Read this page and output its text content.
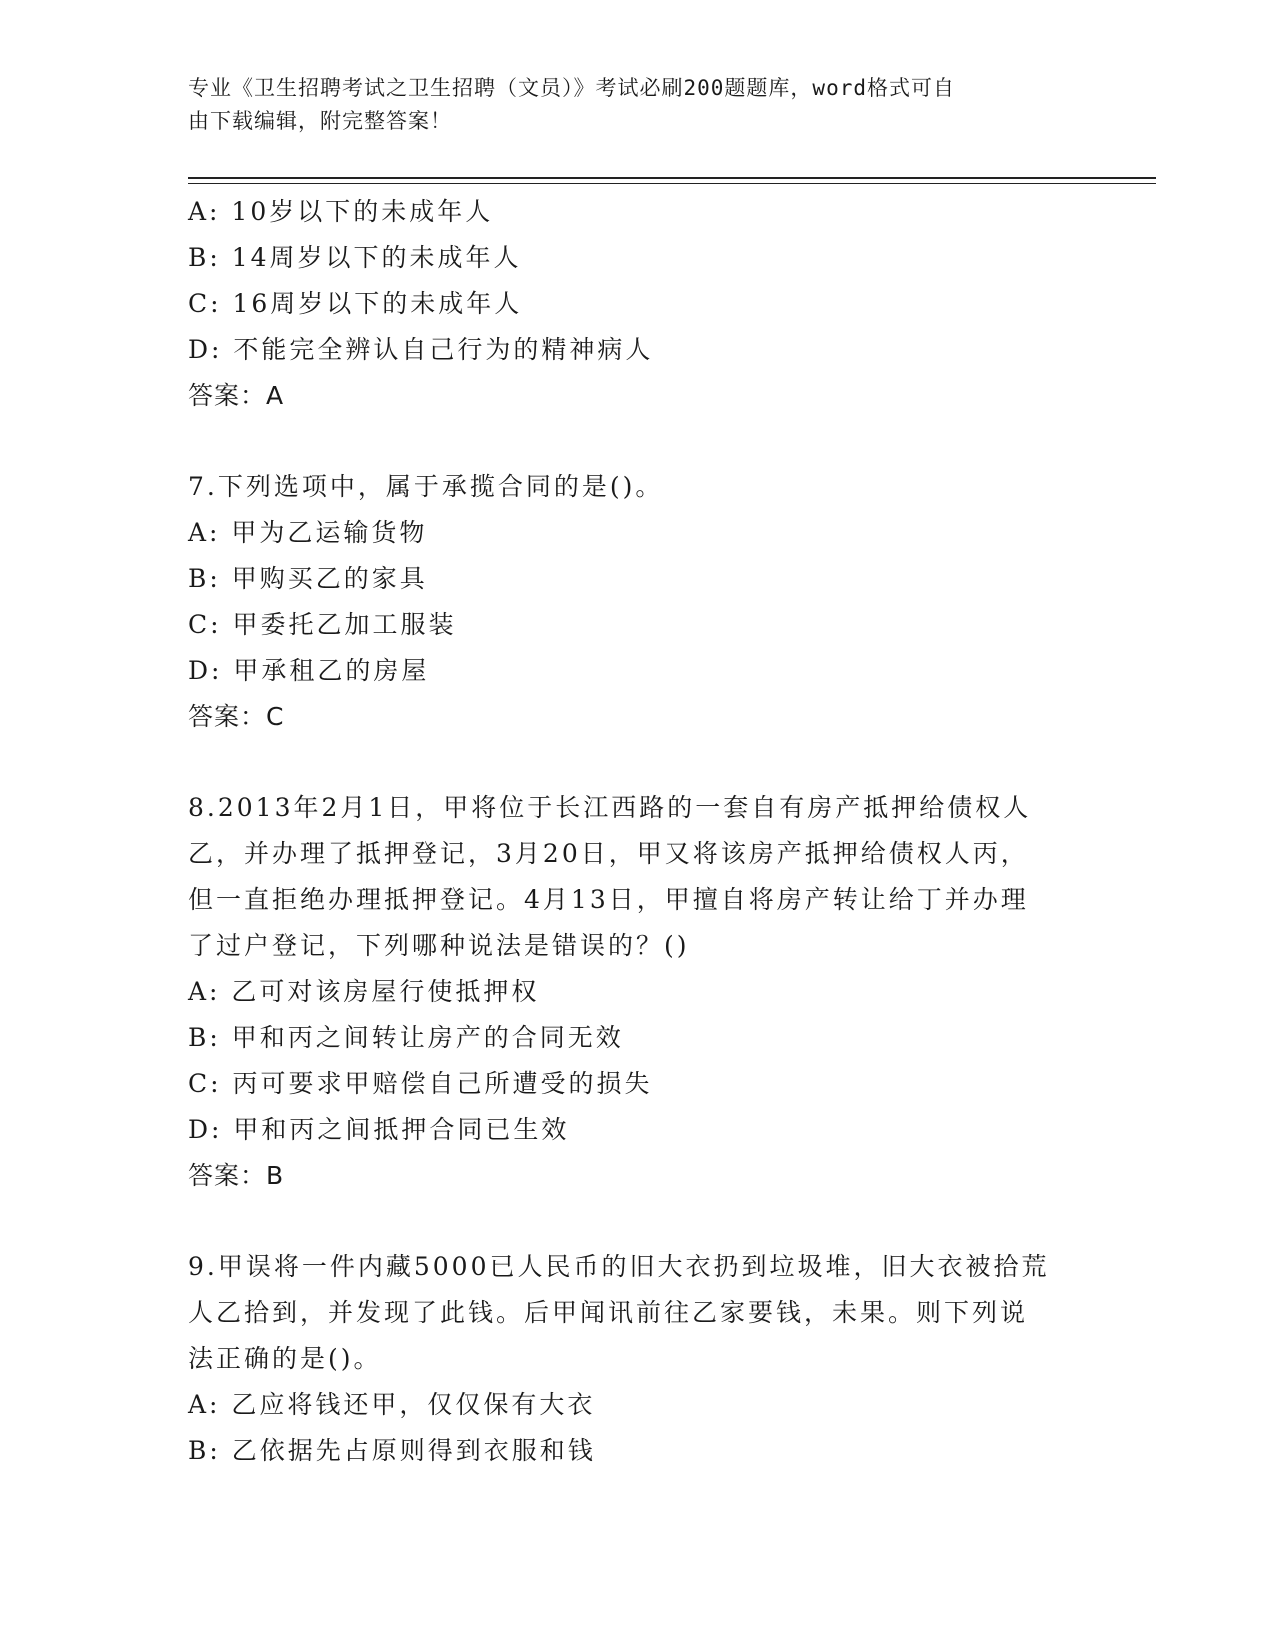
专业《卫生招聘考试之卫生招聘（文员）》考试必刷200题题库，word格式可自
由下载编辑，附完整答案！
A: 10岁以下的未成年人
B: 14周岁以下的未成年人
C: 16周岁以下的未成年人
D: 不能完全辨认自己行为的精神病人
答案：A
7.下列选项中，属于承揽合同的是()。
A: 甲为乙运输货物
B: 甲购买乙的家具
C: 甲委托乙加工服装
D: 甲承租乙的房屋
答案：C
8.2013年2月1日，甲将位于长江西路的一套自有房产抵押给债权人
乙，并办理了抵押登记，3月20日，甲又将该房产抵押给债权人丙，
但一直拒绝办理抵押登记。4月13日，甲擅自将房产转让给丁并办理
了过户登记，下列哪种说法是错误的？()
A: 乙可对该房屋行使抵押权
B: 甲和丙之间转让房产的合同无效
C: 丙可要求甲赔偿自己所遭受的损失
D: 甲和丙之间抵押合同已生效
答案：B
9.甲误将一件内藏5000已人民币的旧大衣扔到垃圾堆，旧大衣被拾荒
人乙拾到，并发现了此钱。后甲闻讯前往乙家要钱，未果。则下列说
法正确的是()。
A: 乙应将钱还甲，仅仅保有大衣
B: 乙依据先占原则得到衣服和钱
